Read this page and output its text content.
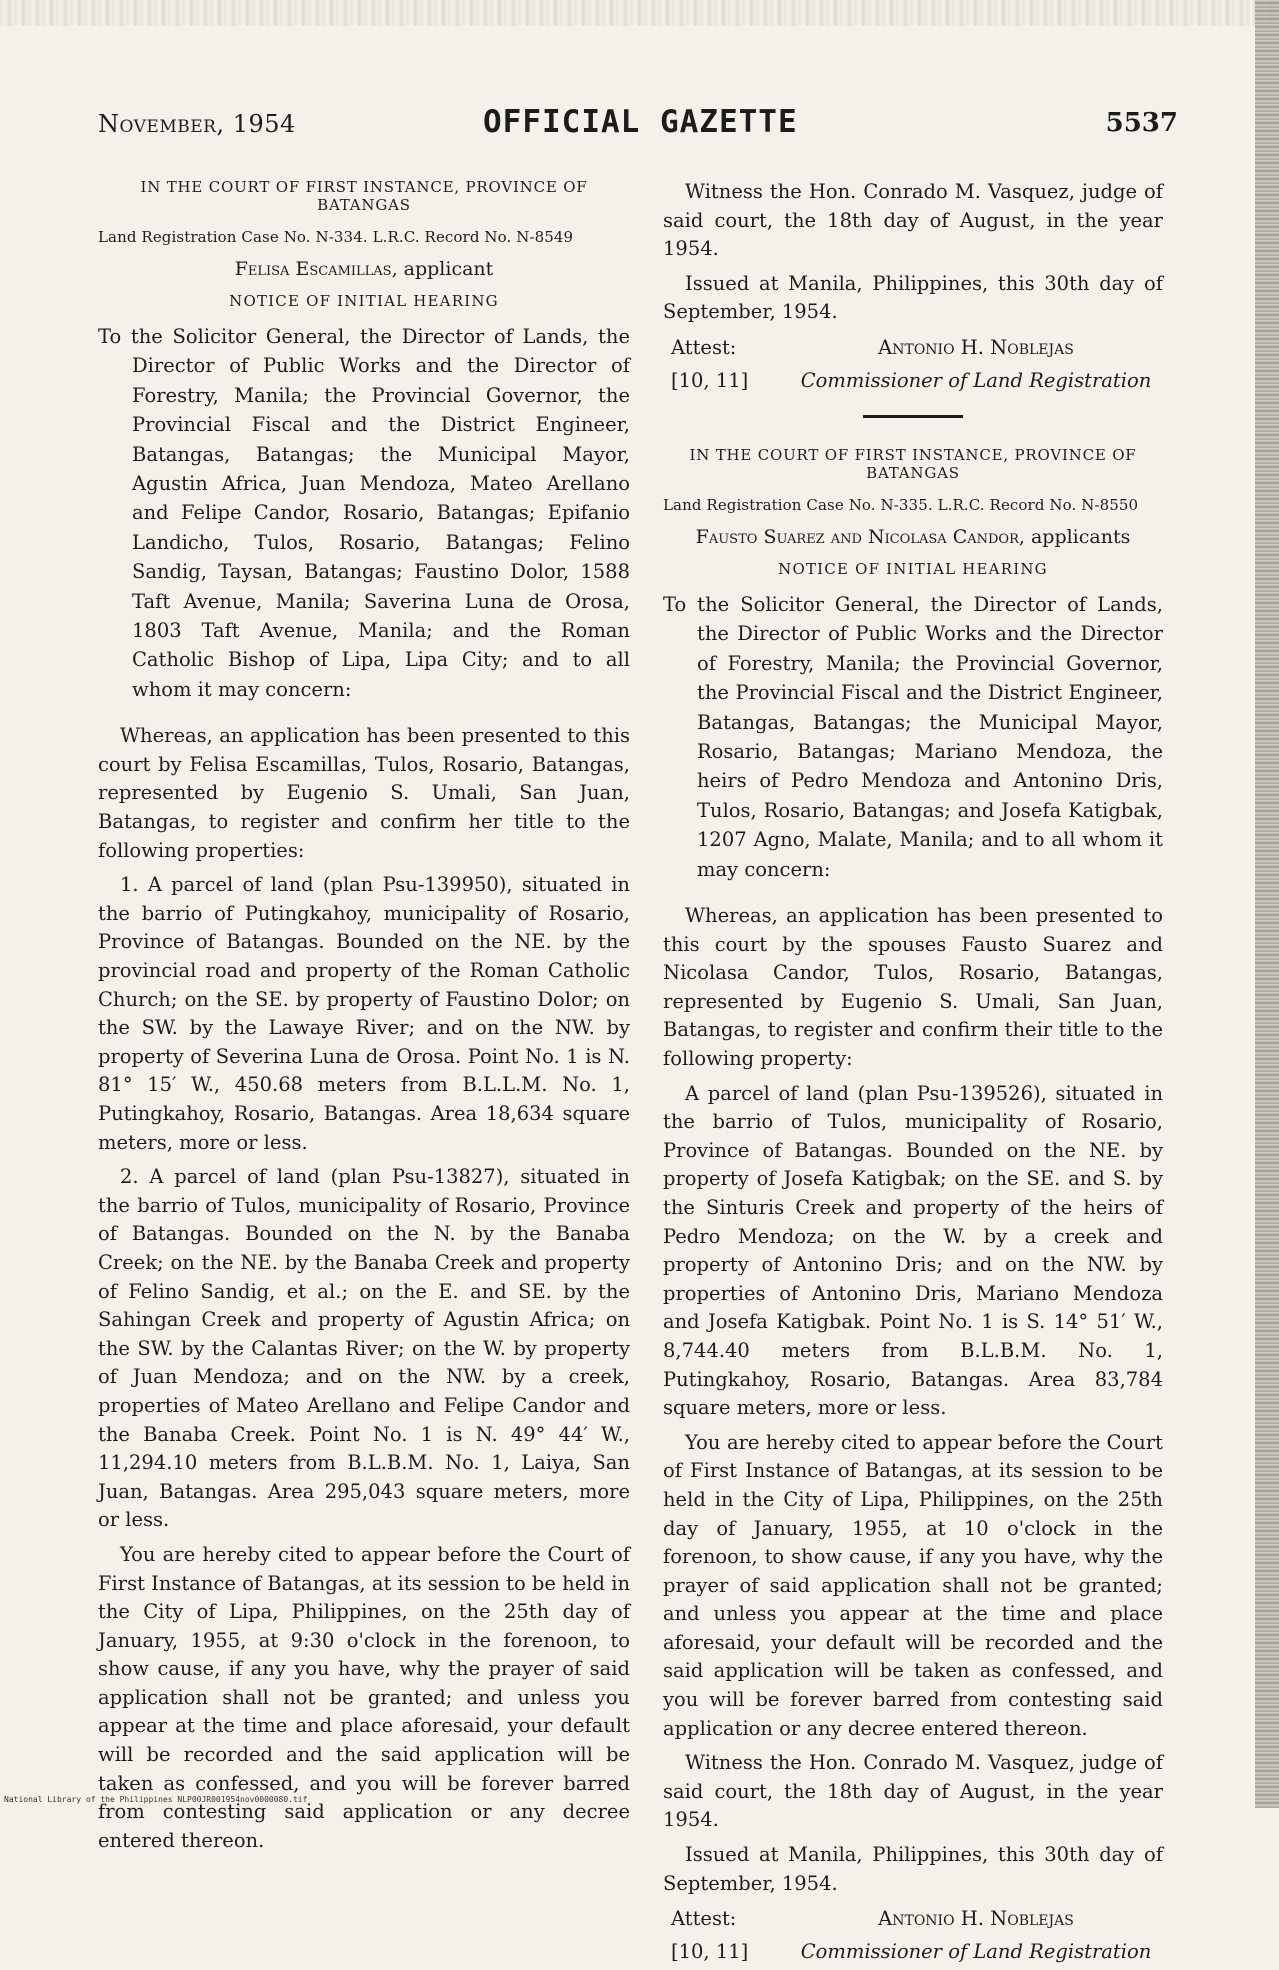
November, 1954	OFFICIAL GAZETTE	5537
IN THE COURT OF FIRST INSTANCE, PROVINCE OF BATANGAS
Land Registration Case No. N-334. L.R.C. Record No. N-8549
Felisa Escamillas, applicant
NOTICE OF INITIAL HEARING
To the Solicitor General, the Director of Lands, the Director of Public Works and the Director of Forestry, Manila; the Provincial Governor, the Provincial Fiscal and the District Engineer, Batangas, Batangas; the Municipal Mayor, Agustin Africa, Juan Mendoza, Mateo Arellano and Felipe Candor, Rosario, Batangas; Epifanio Landicho, Tulos, Rosario, Batangas; Felino Sandig, Taysan, Batangas; Faustino Dolor, 1588 Taft Avenue, Manila; Saverina Luna de Orosa, 1803 Taft Avenue, Manila; and the Roman Catholic Bishop of Lipa, Lipa City; and to all whom it may concern:

Whereas, an application has been presented to this court by Felisa Escamillas, Tulos, Rosario, Batangas, represented by Eugenio S. Umali, San Juan, Batangas, to register and confirm her title to the following properties:

1. A parcel of land (plan Psu-139950), situated in the barrio of Putingkahoy, municipality of Rosario, Province of Batangas. Bounded on the NE. by the provincial road and property of the Roman Catholic Church; on the SE. by property of Faustino Dolor; on the SW. by the Lawaye River; and on the NW. by property of Severina Luna de Orosa. Point No. 1 is N. 81° 15′ W., 450.68 meters from B.L.L.M. No. 1, Putingkahoy, Rosario, Batangas. Area 18,634 square meters, more or less.

2. A parcel of land (plan Psu-13827), situated in the barrio of Tulos, municipality of Rosario, Province of Batangas. Bounded on the N. by the Banaba Creek; on the NE. by the Banaba Creek and property of Felino Sandig, et al.; on the E. and SE. by the Sahingan Creek and property of Agustin Africa; on the SW. by the Calantas River; on the W. by property of Juan Mendoza; and on the NW. by a creek, properties of Mateo Arellano and Felipe Candor and the Banaba Creek. Point No. 1 is N. 49° 44′ W., 11,294.10 meters from B.L.B.M. No. 1, Laiya, San Juan, Batangas. Area 295,043 square meters, more or less.

You are hereby cited to appear before the Court of First Instance of Batangas, at its session to be held in the City of Lipa, Philippines, on the 25th day of January, 1955, at 9:30 o'clock in the forenoon, to show cause, if any you have, why the prayer of said application shall not be granted; and unless you appear at the time and place aforesaid, your default will be recorded and the said application will be taken as confessed, and you will be forever barred from contesting said application or any decree entered thereon.

Witness the Hon. Conrado M. Vasquez, judge of said court, the 18th day of August, in the year 1954.

Issued at Manila, Philippines, this 30th day of September, 1954.

Attest:	Antonio H. Noblejas
[10, 11]	Commissioner of Land Registration
IN THE COURT OF FIRST INSTANCE, PROVINCE OF BATANGAS
Land Registration Case No. N-335. L.R.C. Record No. N-8550
Fausto Suarez and Nicolasa Candor, applicants
NOTICE OF INITIAL HEARING
To the Solicitor General, the Director of Lands, the Director of Public Works and the Director of Forestry, Manila; the Provincial Governor, the Provincial Fiscal and the District Engineer, Batangas, Batangas; the Municipal Mayor, Rosario, Batangas; Mariano Mendoza, the heirs of Pedro Mendoza and Antonino Dris, Tulos, Rosario, Batangas; and Josefa Katigbak, 1207 Agno, Malate, Manila; and to all whom it may concern:

Whereas, an application has been presented to this court by the spouses Fausto Suarez and Nicolasa Candor, Tulos, Rosario, Batangas, represented by Eugenio S. Umali, San Juan, Batangas, to register and confirm their title to the following property:

A parcel of land (plan Psu-139526), situated in the barrio of Tulos, municipality of Rosario, Province of Batangas. Bounded on the NE. by property of Josefa Katigbak; on the SE. and S. by the Sinturis Creek and property of the heirs of Pedro Mendoza; on the W. by a creek and property of Antonino Dris; and on the NW. by properties of Antonino Dris, Mariano Mendoza and Josefa Katigbak. Point No. 1 is S. 14° 51′ W., 8,744.40 meters from B.L.B.M. No. 1, Putingkahoy, Rosario, Batangas. Area 83,784 square meters, more or less.

You are hereby cited to appear before the Court of First Instance of Batangas, at its session to be held in the City of Lipa, Philippines, on the 25th day of January, 1955, at 10 o'clock in the forenoon, to show cause, if any you have, why the prayer of said application shall not be granted; and unless you appear at the time and place aforesaid, your default will be recorded and the said application will be taken as confessed, and you will be forever barred from contesting said application or any decree entered thereon.

Witness the Hon. Conrado M. Vasquez, judge of said court, the 18th day of August, in the year 1954.

Issued at Manila, Philippines, this 30th day of September, 1954.

Attest:	Antonio H. Noblejas
[10, 11]	Commissioner of Land Registration
National Library of the Philippines NLP00JR001954nov0000080.tif
